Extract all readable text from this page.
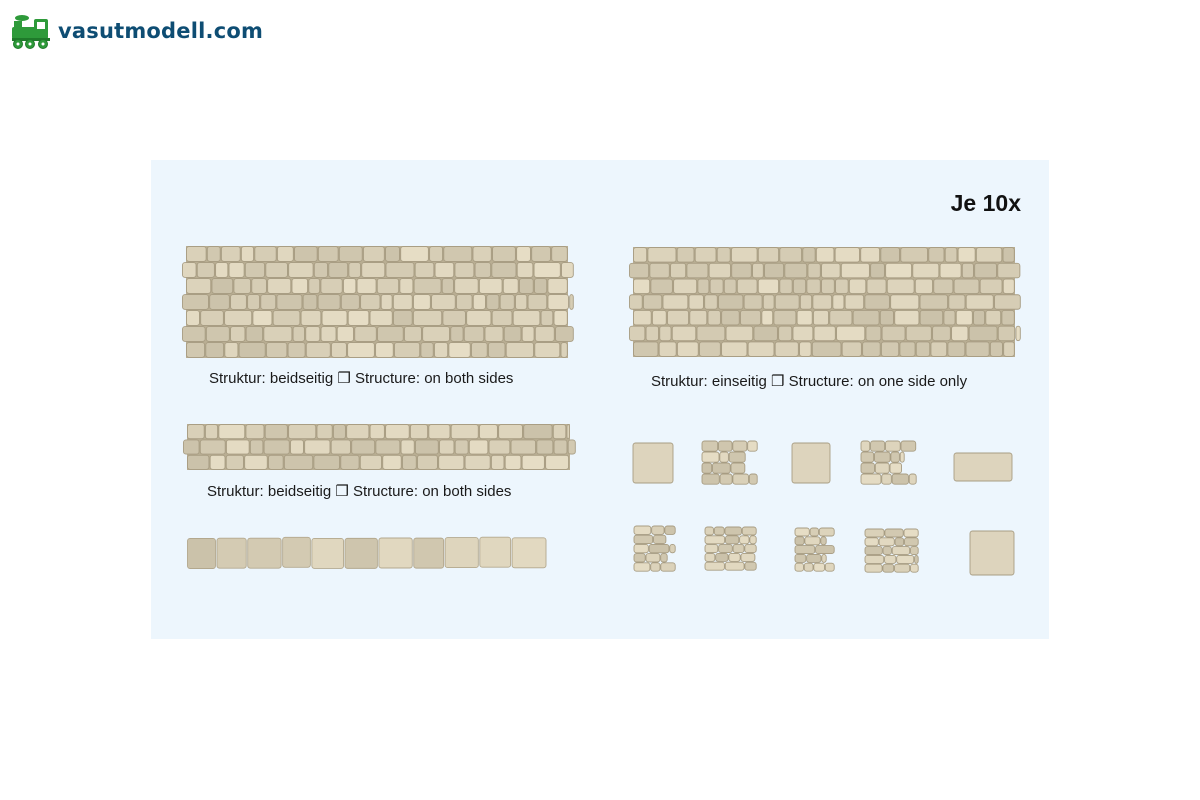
vasutmodell.com
Je 10x
Struktur: beidseitig ❒ Structure: on both sides	Struktur: einseitig ❒ Structure: on one side only
Struktur: beidseitig ❒ Structure: on both sides
